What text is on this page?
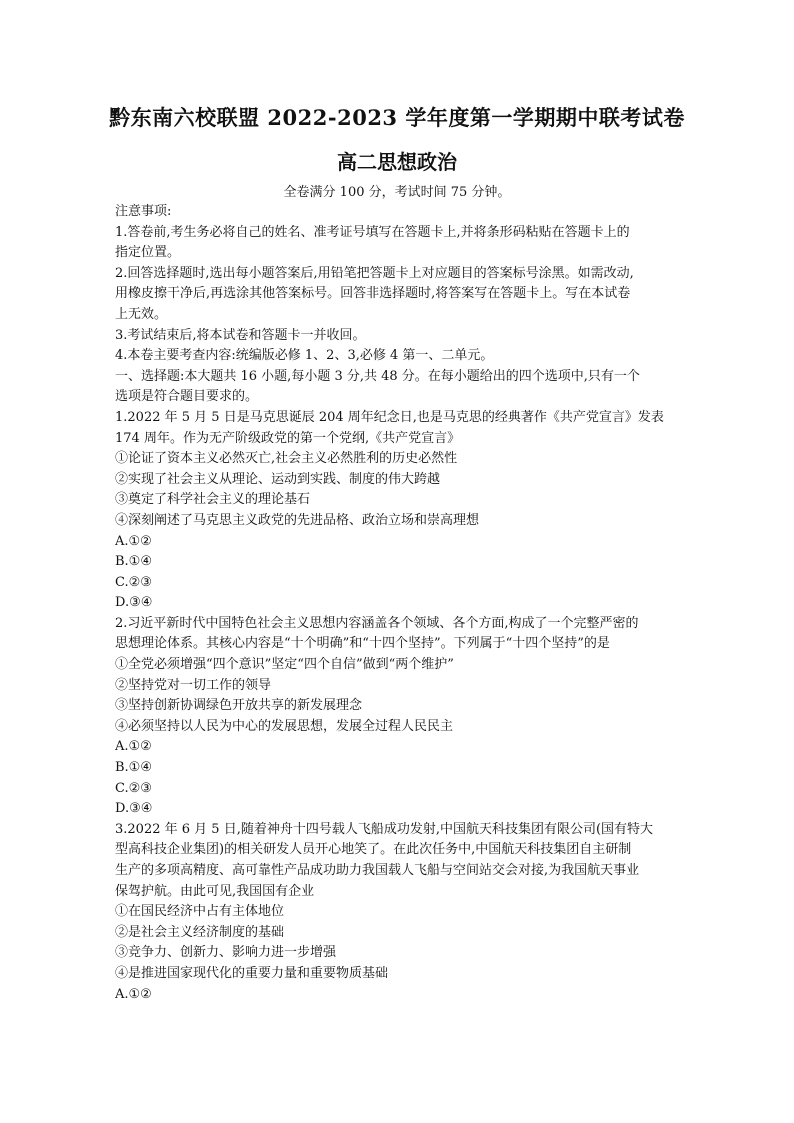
黔东南六校联盟 2022-2023 学年度第一学期期中联考试卷
高二思想政治
全卷满分 100 分，考试时间 75 分钟。
注意事项:
1.答卷前,考生务必将自己的姓名、准考证号填写在答题卡上,并将条形码粘贴在答题卡上的
指定位置。
2.回答选择题时,选出每小题答案后,用铅笔把答题卡上对应题目的答案标号涂黑。如需改动,
用橡皮擦干净后,再选涂其他答案标号。回答非选择题时,将答案写在答题卡上。写在本试卷
上无效。
3.考试结束后,将本试卷和答题卡一并收回。
4.本卷主要考查内容:统编版必修 1、2、3,必修 4 第一、二单元。
一、选择题:本大题共 16 小题,每小题 3 分,共 48 分。在每小题给出的四个选项中,只有一个
选项是符合题目要求的。
1.2022 年 5 月 5 日是马克思诞辰 204 周年纪念日,也是马克思的经典著作《共产党宣言》发表
174 周年。作为无产阶级政党的第一个党纲,《共产党宣言》
①论证了资本主义必然灭亡,社会主义必然胜利的历史必然性
②实现了社会主义从理论、运动到实践、制度的伟大跨越
③奠定了科学社会主义的理论基石
④深刻阐述了马克思主义政党的先进品格、政治立场和崇高理想
A.①②
B.①④
C.②③
D.③④
2.习近平新时代中国特色社会主义思想内容涵盖各个领域、各个方面,构成了一个完整严密的
思想理论体系。其核心内容是“十个明确”和“十四个坚持”。下列属于“十四个坚持”的是
①全党必须增强“四个意识”坚定“四个自信”做到“两个维护”
②坚持党对一切工作的领导
③坚持创新协调绿色开放共享的新发展理念
④必须坚持以人民为中心的发展思想，发展全过程人民民主
A.①②
B.①④
C.②③
D.③④
3.2022 年 6 月 5 日,随着神舟十四号载人飞船成功发射,中国航天科技集团有限公司(国有特大
型高科技企业集团)的相关研发人员开心地笑了。在此次任务中,中国航天科技集团自主研制
生产的多项高精度、高可靠性产品成功助力我国载人飞船与空间站交会对接,为我国航天事业
保驾护航。由此可见,我国国有企业
①在国民经济中占有主体地位
②是社会主义经济制度的基础
③竞争力、创新力、影响力进一步增强
④是推进国家现代化的重要力量和重要物质基础
A.①②
